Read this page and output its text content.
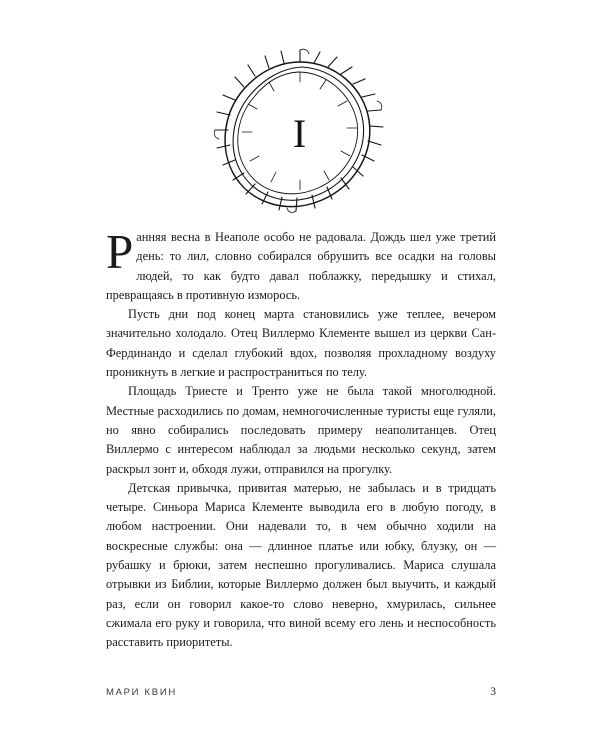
I

Ранняя весна в Неаполе особо не радовала. Дождь шел уже третий день: то лил, словно собирался обрушить все осадки на головы людей, то как будто давал поблажку, передышку и стихал, превращаясь в противную изморось.

Пусть дни под конец марта становились уже теплее, вечером значительно холодало. Отец Виллермо Клементе вышел из церкви Сан-Фердинандо и сделал глубокий вдох, позволяя прохладному воздуху проникнуть в легкие и распространиться по телу.

Площадь Триесте и Тренто уже не была такой многолюдной. Местные расходились по домам, немногочисленные туристы еще гуляли, но явно собирались последовать примеру неаполитанцев. Отец Виллермо с интересом наблюдал за людьми несколько секунд, затем раскрыл зонт и, обходя лужи, отправился на прогулку.

Детская привычка, привитая матерью, не забылась и в тридцать четыре. Синьора Мариса Клементе выводила его в любую погоду, в любом настроении. Они надевали то, в чем обычно ходили на воскресные службы: она — длинное платье или юбку, блузку, он — рубашку и брюки, затем неспешно прогуливались. Мариса слушала отрывки из Библии, которые Виллермо должен был выучить, и каждый раз, если он говорил какое-то слово неверно, хмурилась, сильнее сжимала его руку и говорила, что виной всему его лень и неспособность расставить приоритеты.

МАРИ КВИН	3
